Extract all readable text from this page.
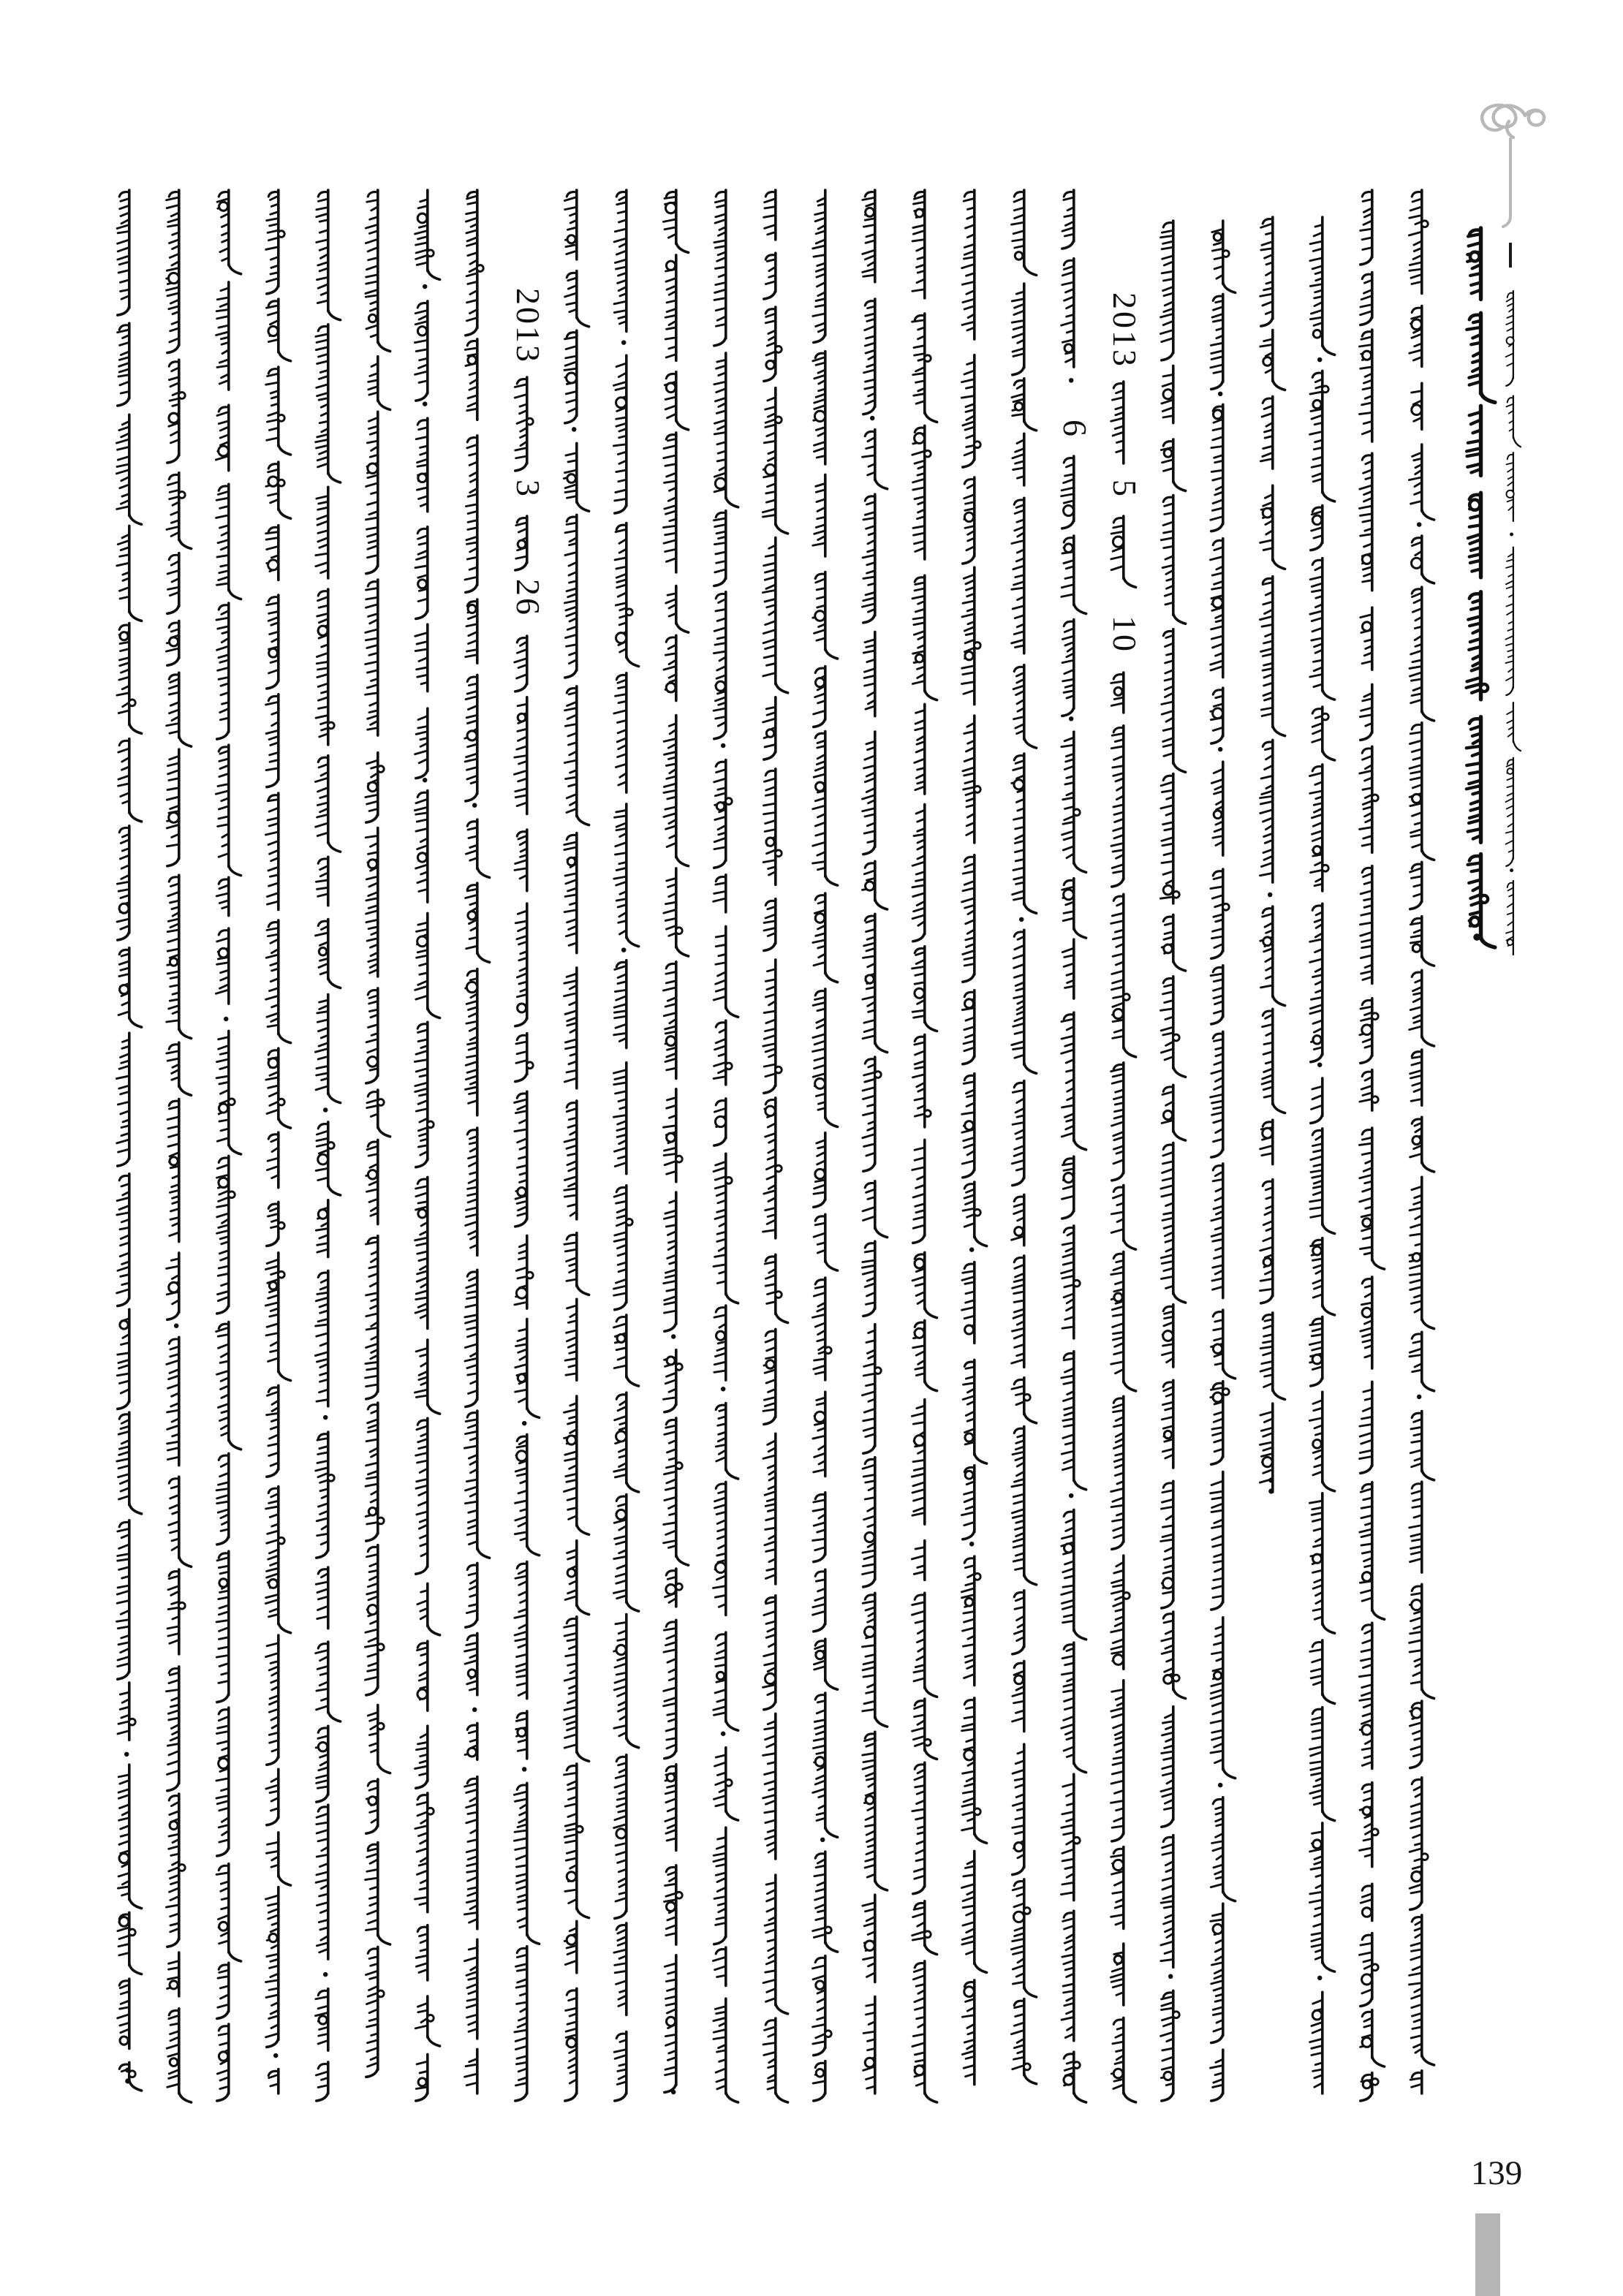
2013
5
10
6
2013
3
26
139
